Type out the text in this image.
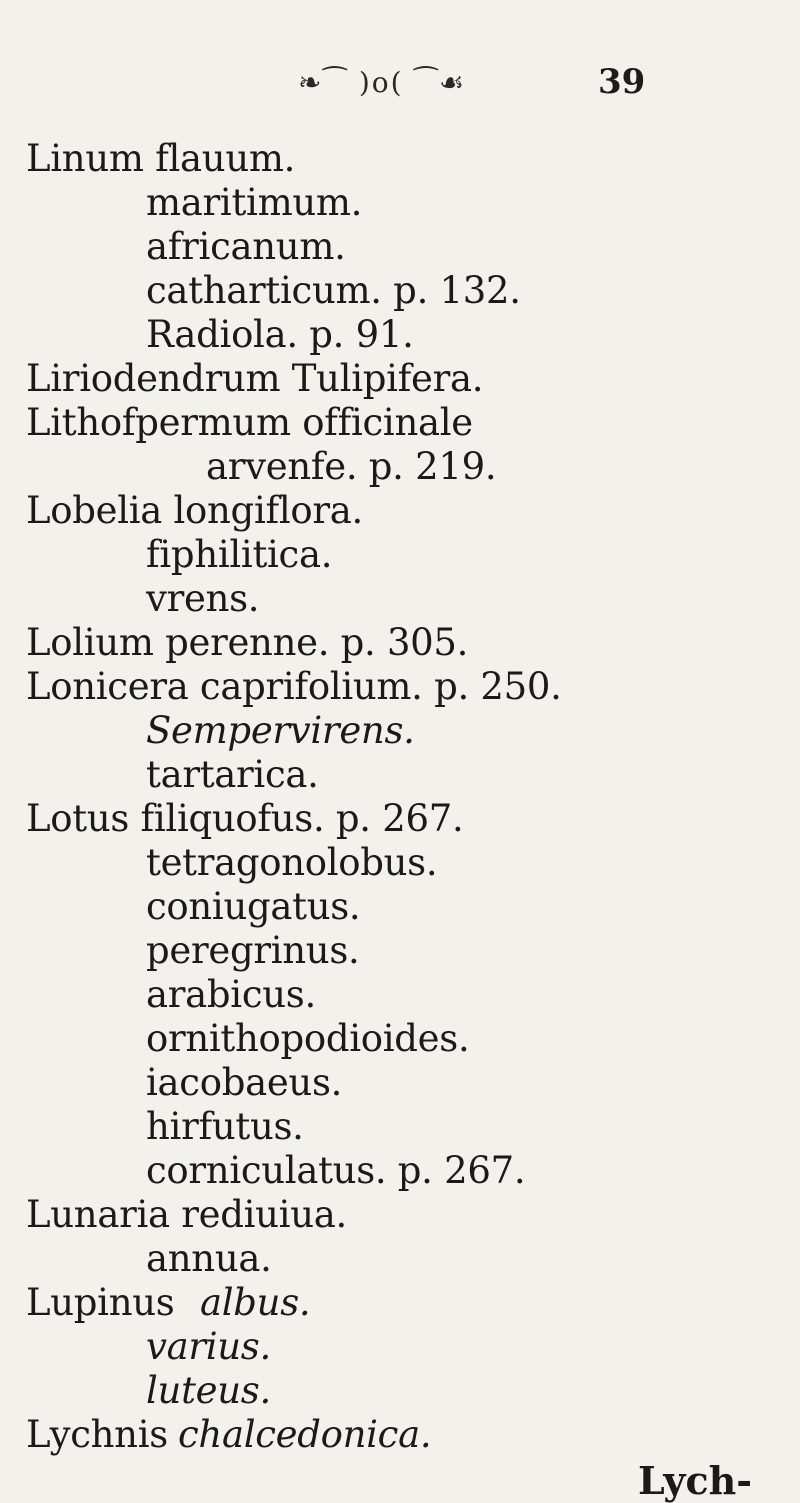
❧⁀ )o( ⁀☙	39
Linum flauum.
maritimum.
africanum.
catharticum. p. 132.
Radiola. p. 91.
Liriodendrum Tulipifera.
Lithofpermum officinale
arvenfe. p. 219.
Lobelia longiflora.
fiphilitica.
vrens.
Lolium perenne. p. 305.
Lonicera caprifolium. p. 250.
Sempervirens.
tartarica.
Lotus filiquofus. p. 267.
tetragonolobus.
coniugatus.
peregrinus.
arabicus.
ornithopodioides.
iacobaeus.
hirfutus.
corniculatus. p. 267.
Lunaria rediuiua.
annua.
Lupinus albus.
varius.
luteus.
Lychnis chalcedonica.
Lych-
